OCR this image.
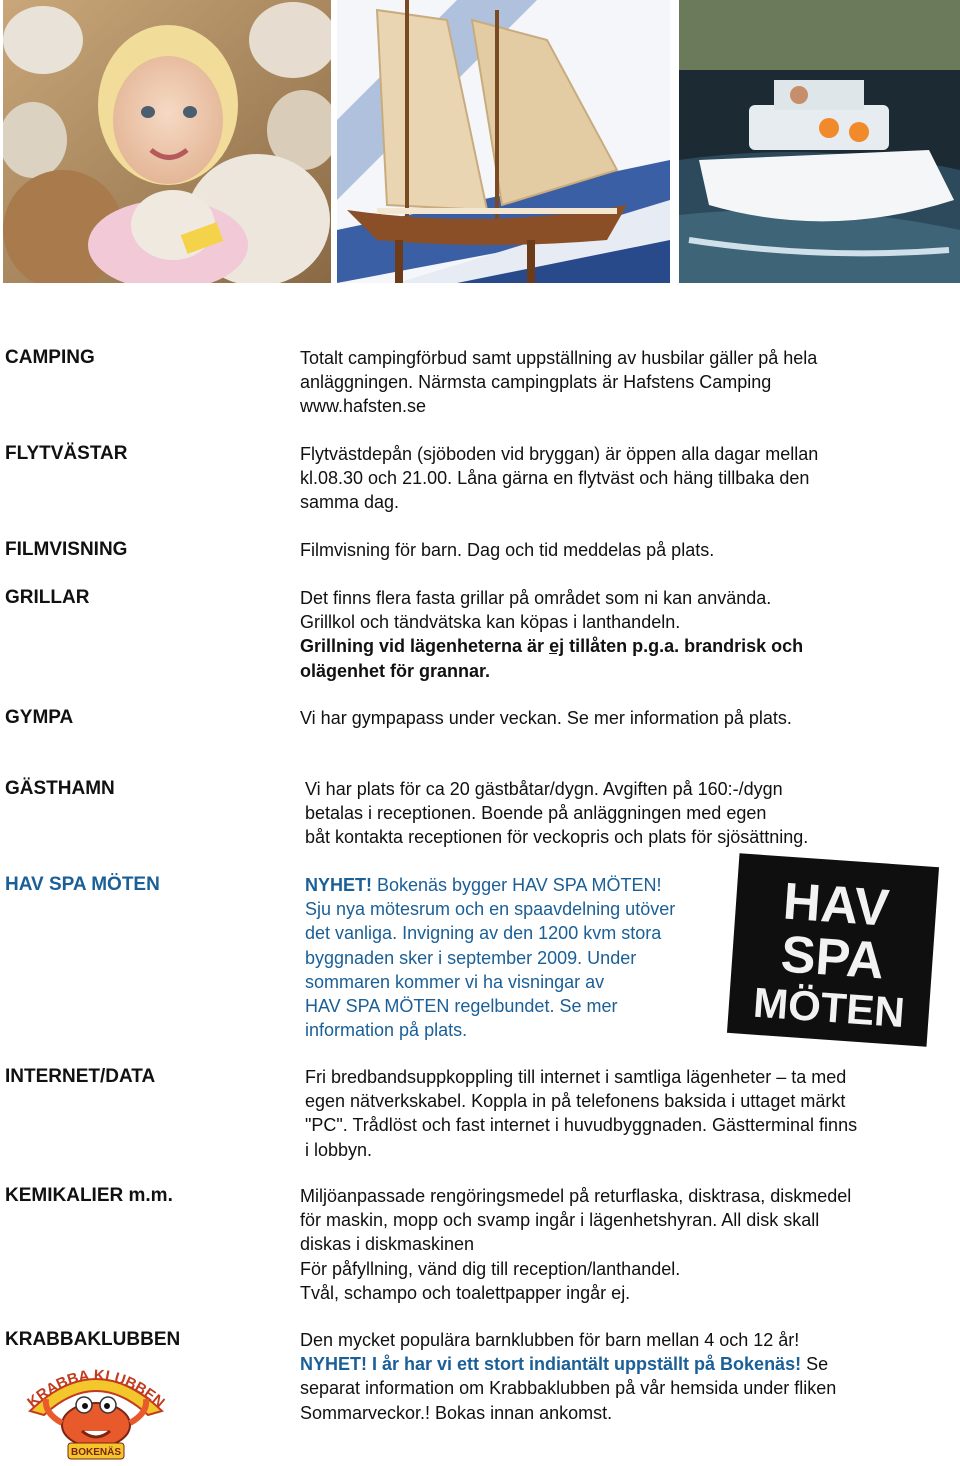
CAMPING	Totalt campingförbud samt uppställning av husbilar gäller på hela

anläggningen. Närmsta campingplats är Hafstens Camping

www.hafsten.se

FLYTVÄSTAR	Flytvästdepån (sjöboden vid bryggan) är öppen alla dagar mellan

kl.08.30 och 21.00. Låna gärna en flytväst och häng tillbaka den

samma dag.

FILMVISNING	Filmvisning för barn. Dag och tid meddelas på plats.

GRILLAR	Det finns flera fasta grillar på området som ni kan använda.

Grillkol och tändvätska kan köpas i lanthandeln.

Grillning vid lägenheterna är ej tillåten p.g.a. brandrisk och

olägenhet för grannar.

GYMPA	Vi har gympapass under veckan. Se mer information på plats.

GÄSTHAMN	Vi har plats för ca 20 gästbåtar/dygn. Avgiften på 160:-/dygn

betalas i receptionen. Boende på anläggningen med egen

båt kontakta receptionen för veckopris och plats för sjösättning.

HAV SPA MÖTEN	NYHET! Bokenäs bygger HAV SPA MÖTEN!

Sju nya mötesrum och en spaavdelning utöver

det vanliga. Invigning av den 1200 kvm stora

byggnaden sker i september 2009. Under

sommaren kommer vi ha visningar av

HAV SPA MÖTEN regelbundet. Se mer

information på plats.

HAV
SPA
MÖTEN
INTERNET/DATA	Fri bredbandsuppkoppling till internet i samtliga lägenheter – ta med

egen nätverkskabel. Koppla in på telefonens baksida i uttaget märkt

"PC". Trådlöst och fast internet i huvudbyggnaden. Gästterminal finns

i lobbyn.

KEMIKALIER m.m.	Miljöanpassade rengöringsmedel på returflaska, disktrasa, diskmedel

för maskin, mopp och svamp ingår i lägenhetshyran. All disk skall

diskas i diskmaskinen

För påfyllning, vänd dig till reception/lanthandel.

Tvål, schampo och toalettpapper ingår ej.

KRABBAKLUBBEN	Den mycket populära barnklubben för barn mellan 4 och 12 år!

NYHET! I år har vi ett stort indiantält uppställt på Bokenäs! Se

separat information om Krabbaklubben på vår hemsida under fliken

Sommarveckor.! Bokas innan ankomst.

KRABBA KLUBBEN
BOKENÄS
